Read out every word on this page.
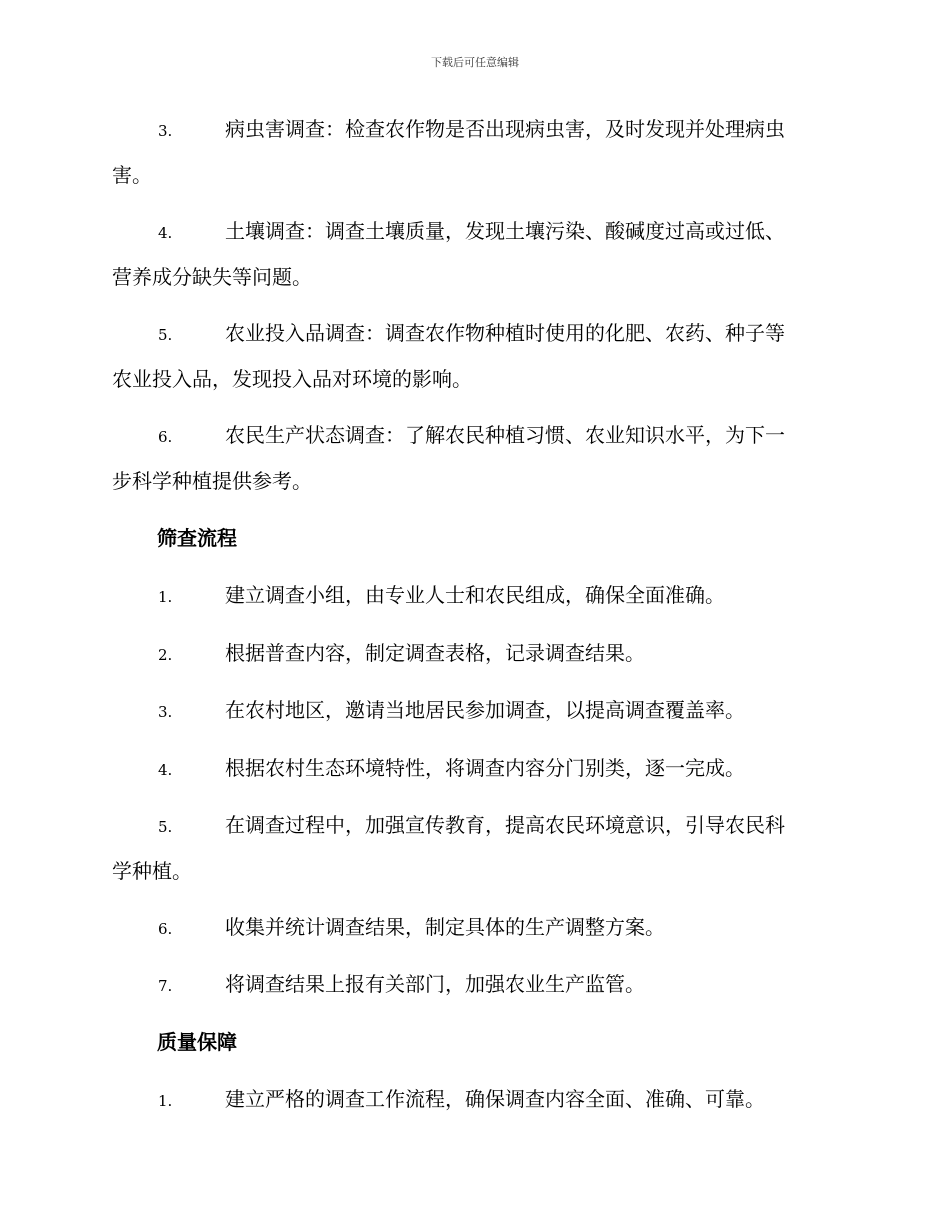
下载后可任意编辑
3.	病虫害调查：检查农作物是否出现病虫害，及时发现并处理病虫
害。
4.	土壤调查：调查土壤质量，发现土壤污染、酸碱度过高或过低、
营养成分缺失等问题。
5.	农业投入品调查：调查农作物种植时使用的化肥、农药、种子等
农业投入品，发现投入品对环境的影响。
6.	农民生产状态调查：了解农民种植习惯、农业知识水平，为下一
步科学种植提供参考。
筛查流程
1.	建立调查小组，由专业人士和农民组成，确保全面准确。
2.	根据普查内容，制定调查表格，记录调查结果。
3.	在农村地区，邀请当地居民参加调查，以提高调查覆盖率。
4.	根据农村生态环境特性，将调查内容分门别类，逐一完成。
5.	在调查过程中，加强宣传教育，提高农民环境意识，引导农民科
学种植。
6.	收集并统计调查结果，制定具体的生产调整方案。
7.	将调查结果上报有关部门，加强农业生产监管。
质量保障
1.	建立严格的调查工作流程，确保调查内容全面、准确、可靠。
